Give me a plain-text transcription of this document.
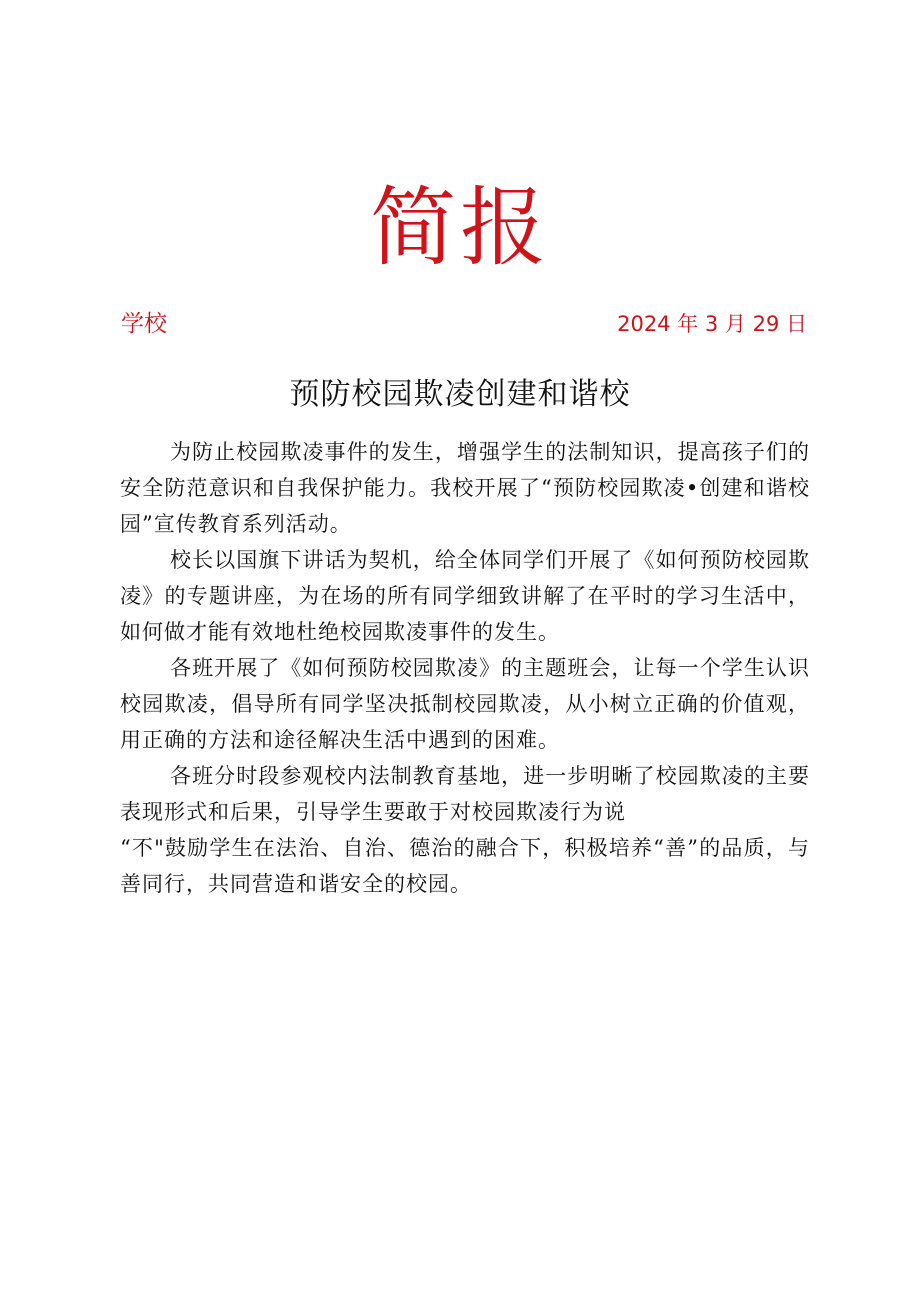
简报
学校	2024 年 3 月 29 日
预防校园欺凌创建和谐校

为防止校园欺凌事件的发生，增强学生的法制知识，提高孩子们的安全防范意识和自我保护能力。我校开展了“预防校园欺凌•创建和谐校园”宣传教育系列活动。

校长以国旗下讲话为契机，给全体同学们开展了《如何预防校园欺凌》的专题讲座，为在场的所有同学细致讲解了在平时的学习生活中，如何做才能有效地杜绝校园欺凌事件的发生。

各班开展了《如何预防校园欺凌》的主题班会，让每一个学生认识校园欺凌，倡导所有同学坚决抵制校园欺凌，从小树立正确的价值观，用正确的方法和途径解决生活中遇到的困难。

各班分时段参观校内法制教育基地，进一步明晰了校园欺凌的主要表现形式和后果，引导学生要敢于对校园欺凌行为说

“不"鼓励学生在法治、自治、德治的融合下，积极培养“善”的品质，与善同行，共同营造和谐安全的校园。
